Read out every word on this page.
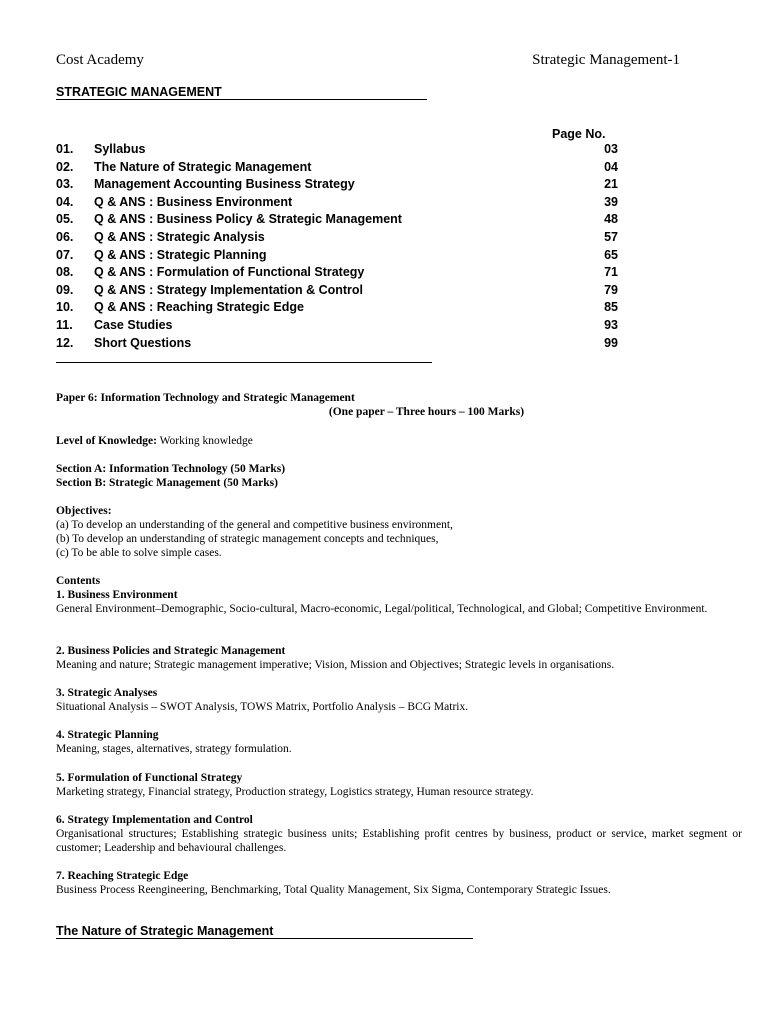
Cost Academy	Strategic Management-1
STRATEGIC MANAGEMENT
Page No.
01. Syllabus	03
02. The Nature of Strategic Management	04
03. Management Accounting Business Strategy	21
04. Q & ANS : Business Environment	39
05. Q & ANS : Business Policy & Strategic Management	48
06. Q & ANS : Strategic Analysis	57
07. Q & ANS : Strategic Planning	65
08. Q & ANS : Formulation of Functional Strategy	71
09. Q & ANS : Strategy Implementation & Control	79
10. Q & ANS : Reaching Strategic Edge	85
11. Case Studies	93
12. Short Questions	99

Paper 6: Information Technology and Strategic Management

(One paper – Three hours – 100 Marks)

Level of Knowledge: Working knowledge

Section A: Information Technology (50 Marks)

Section B: Strategic Management (50 Marks)

Objectives:

(a) To develop an understanding of the general and competitive business environment,

(b) To develop an understanding of strategic management concepts and techniques,

(c) To be able to solve simple cases.

Contents

1. Business Environment

General Environment–Demographic, Socio-cultural, Macro-economic, Legal/political, Technological, and Global; Competitive Environment.

2. Business Policies and Strategic Management

Meaning and nature; Strategic management imperative; Vision, Mission and Objectives; Strategic levels in organisations.

3. Strategic Analyses

Situational Analysis – SWOT Analysis, TOWS Matrix, Portfolio Analysis – BCG Matrix.

4. Strategic Planning

Meaning, stages, alternatives, strategy formulation.

5. Formulation of Functional Strategy

Marketing strategy, Financial strategy, Production strategy, Logistics strategy, Human resource strategy.

6. Strategy Implementation and Control

Organisational structures; Establishing strategic business units; Establishing profit centres by business, product or service, market segment or customer; Leadership and behavioural challenges.

7. Reaching Strategic Edge

Business Process Reengineering, Benchmarking, Total Quality Management, Six Sigma, Contemporary Strategic Issues.

The Nature of Strategic Management
